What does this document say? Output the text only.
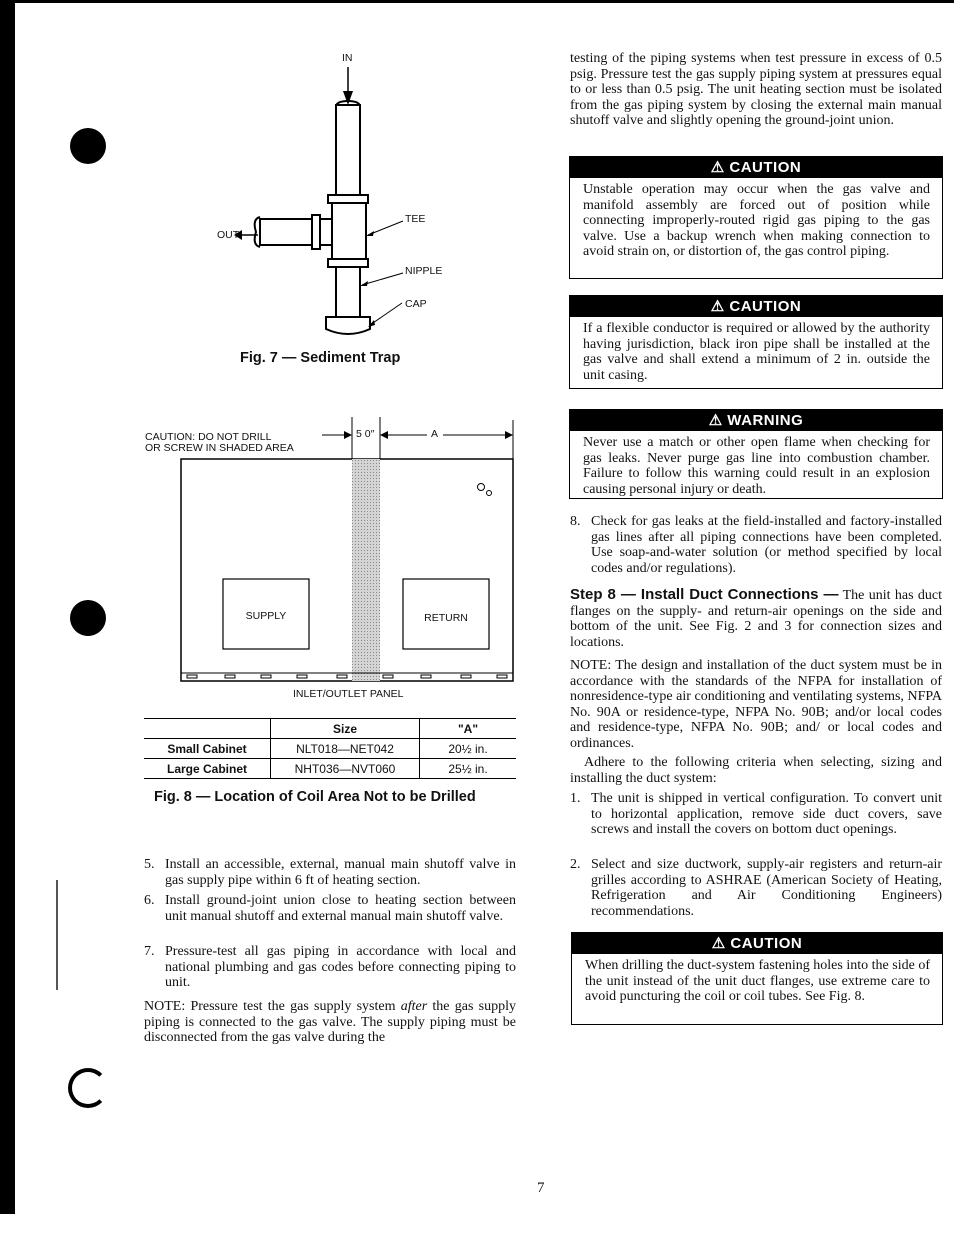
IN
OUT
TEE
NIPPLE
CAP
Fig. 7 — Sediment Trap
CAUTION: DO NOT DRILL
OR SCREW IN SHADED AREA
5 0″	A
SUPPLY	RETURN
INLET/OUTLET PANEL
	Size	"A"
Small Cabinet	NLT018—NET042	20½ in.
Large Cabinet	NHT036—NVT060	25½ in.
Fig. 8 — Location of Coil Area Not to be Drilled
5. Install an accessible, external, manual main shutoff valve in gas supply pipe within 6 ft of heating section.
6. Install ground-joint union close to heating section between unit manual shutoff and external manual main shutoff valve.
7. Pressure-test all gas piping in accordance with local and national plumbing and gas codes before connecting piping to unit.

NOTE: Pressure test the gas supply system after the gas supply piping is connected to the gas valve. The supply piping must be disconnected from the gas valve during the

testing of the piping systems when test pressure in excess of 0.5 psig. Pressure test the gas supply piping system at pressures equal to or less than 0.5 psig. The unit heating section must be isolated from the gas piping system by closing the external main manual shutoff valve and slightly opening the ground-joint union.

⚠ CAUTION
Unstable operation may occur when the gas valve and manifold assembly are forced out of position while connecting improperly-routed rigid gas piping to the gas valve. Use a backup wrench when making connection to avoid strain on, or distortion of, the gas control piping.
⚠ CAUTION
If a flexible conductor is required or allowed by the authority having jurisdiction, black iron pipe shall be installed at the gas valve and shall extend a minimum of 2 in. outside the unit casing.
⚠ WARNING
Never use a match or other open flame when checking for gas leaks. Never purge gas line into combustion chamber. Failure to follow this warning could result in an explosion causing personal injury or death.
8. Check for gas leaks at the field-installed and factory-installed gas lines after all piping connections have been completed. Use soap-and-water solution (or method specified by local codes and/or regulations).

Step 8 — Install Duct Connections — The unit has duct flanges on the supply- and return-air openings on the side and bottom of the unit. See Fig. 2 and 3 for connection sizes and locations.

NOTE: The design and installation of the duct system must be in accordance with the standards of the NFPA for installation of nonresidence-type air conditioning and ventilating systems, NFPA No. 90A or residence-type, NFPA No. 90B; and/or local codes and residence-type, NFPA No. 90B; and/ or local codes and ordinances.

Adhere to the following criteria when selecting, sizing and installing the duct system:

1. The unit is shipped in vertical configuration. To convert unit to horizontal application, remove side duct covers, save screws and install the covers on bottom duct openings.
2. Select and size ductwork, supply-air registers and return-air grilles according to ASHRAE (American Society of Heating, Refrigeration and Air Conditioning Engineers) recommendations.
⚠ CAUTION
When drilling the duct-system fastening holes into the side of the unit instead of the unit duct flanges, use extreme care to avoid puncturing the coil or coil tubes. See Fig. 8.
7
